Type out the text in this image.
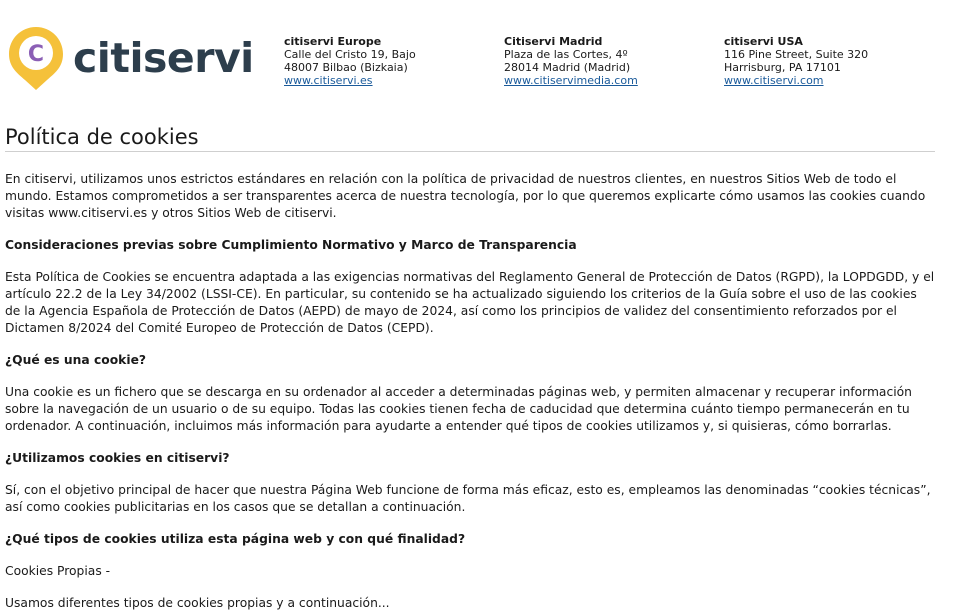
C citiservi	citiservi Europe
Calle del Cristo 19, Bajo
48007 Bilbao (Bizkaia)
www.citiservi.es
Citiservi Madrid
Plaza de las Cortes, 4º
28014 Madrid (Madrid)
www.citiservimedia.com
citiservi USA
116 Pine Street, Suite 320
Harrisburg, PA 17101
www.citiservi.com
Política de cookies

En citiservi, utilizamos unos estrictos estándares en relación con la política de privacidad de nuestros clientes, en nuestros Sitios Web de todo el mundo. Estamos comprometidos a ser transparentes acerca de nuestra tecnología, por lo que queremos explicarte cómo usamos las cookies cuando visitas www.citiservi.es y otros Sitios Web de citiservi.

Consideraciones previas sobre Cumplimiento Normativo y Marco de Transparencia

Esta Política de Cookies se encuentra adaptada a las exigencias normativas del Reglamento General de Protección de Datos (RGPD), la LOPDGDD, y el artículo 22.2 de la Ley 34/2002 (LSSI-CE). En particular, su contenido se ha actualizado siguiendo los criterios de la Guía sobre el uso de las cookies de la Agencia Española de Protección de Datos (AEPD) de mayo de 2024, así como los principios de validez del consentimiento reforzados por el Dictamen 8/2024 del Comité Europeo de Protección de Datos (CEPD).

¿Qué es una cookie?

Una cookie es un fichero que se descarga en su ordenador al acceder a determinadas páginas web, y permiten almacenar y recuperar información sobre la navegación de un usuario o de su equipo. Todas las cookies tienen fecha de caducidad que determina cuánto tiempo permanecerán en tu ordenador. A continuación, incluimos más información para ayudarte a entender qué tipos de cookies utilizamos y, si quisieras, cómo borrarlas.

¿Utilizamos cookies en citiservi?

Sí, con el objetivo principal de hacer que nuestra Página Web funcione de forma más eficaz, esto es, empleamos las denominadas “cookies técnicas”, así como cookies publicitarias en los casos que se detallan a continuación.

¿Qué tipos de cookies utiliza esta página web y con qué finalidad?

Cookies Propias -

Usamos diferentes tipos de cookies propias y a continuación...
